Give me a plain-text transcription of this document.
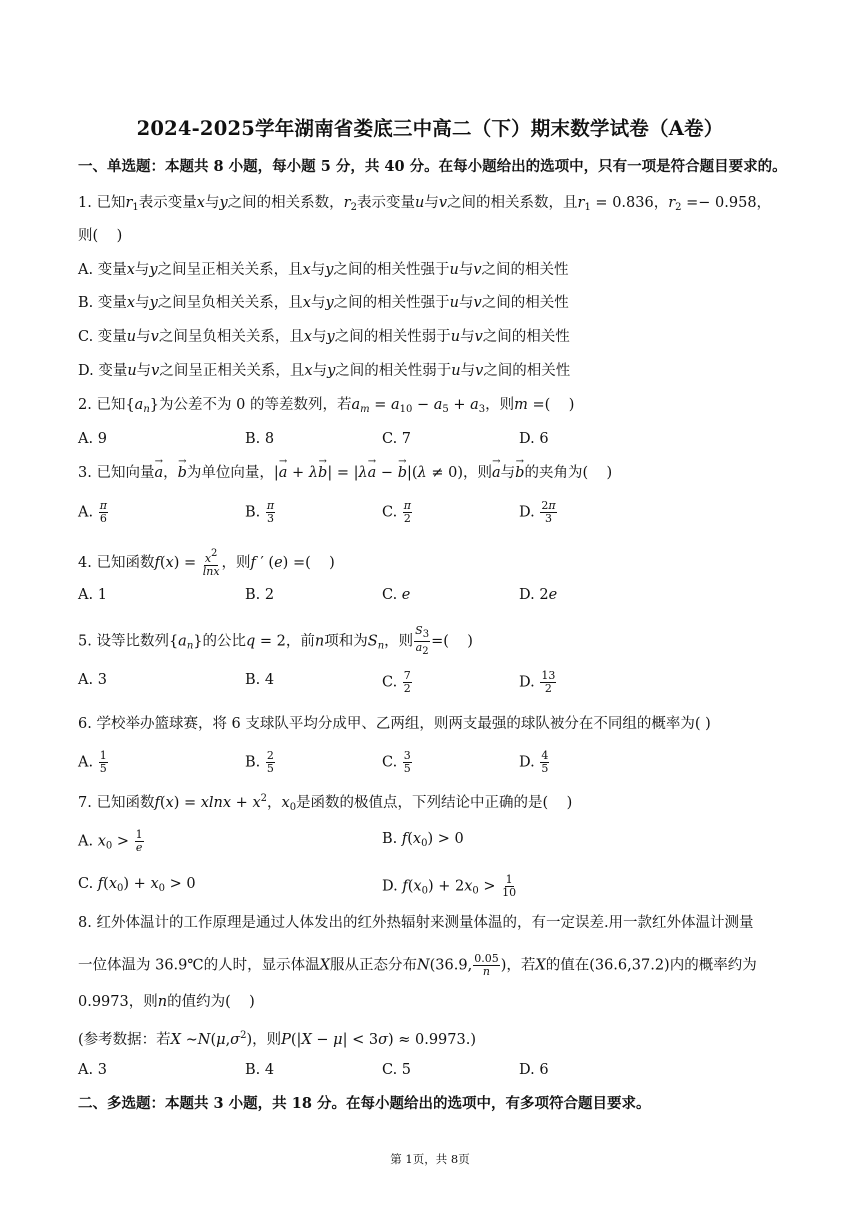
2024-2025学年湖南省娄底三中高二（下）期末数学试卷（A卷）
一、单选题：本题共 8 小题，每小题 5 分，共 40 分。在每小题给出的选项中，只有一项是符合题目要求的。
1. 已知$r_1$表示变量x与y之间的相关系数，$r_2$表示变量u与v之间的相关系数，且$r_1 = 0.836$，$r_2 =- 0.958$，
则(    )
A. 变量x与y之间呈正相关关系，且x与y之间的相关性强于u与v之间的相关性
B. 变量x与y之间呈负相关关系，且x与y之间的相关性强于u与v之间的相关性
C. 变量u与v之间呈负相关关系，且x与y之间的相关性弱于u与v之间的相关性
D. 变量u与v之间呈正相关关系，且x与y之间的相关性弱于u与v之间的相关性
2. 已知$\{a_n\}$为公差不为 0 的等差数列，若$a_m = a_{10} - a_5 + a_3$，则m =(    )
A. 9	B. 8	C. 7	D. 6
3. 已知向量→ a，→ b为单位向量，|→ a + λ→ b| = |λ→ a − → b|(λ ≠ 0)，则→ a与→ b的夹角为(    )
A. $\frac{\pi}{6}$	B. $\frac{\pi}{3}$	C. $\frac{\pi}{2}$	D. $\frac{2\pi}{3}$
4. 已知函数$f(x) = \frac{x^2}{\ln x}$ ，则f ′ (e) =(    )
A. 1	B. 2	C. e	D. 2e
5. 设等比数列$\{a_n\}$的公比q = 2，前n项和为$S_n$，则 $\frac{S_3}{a_2}$ =(    )
A. 3	B. 4	C. $\frac{7}{2}$	D. $\frac{13}{2}$
6. 学校举办篮球赛，将 6 支球队平均分成甲、乙两组，则两支最强的球队被分在不同组的概率为( )
A. $\frac{1}{5}$	B. $\frac{2}{5}$	C. $\frac{3}{5}$	D. $\frac{4}{5}$
7. 已知函数$f(x) = xlnx + x^2$，$x_0$是函数的极值点，下列结论中正确的是(    )
A. $x_0 > \frac{1}{e}$	B. $f(x_0) > 0$
C. $f(x_0) + x_0 > 0$	D. $f(x_0) + 2x_0 > \frac{1}{10}$
8. 红外体温计的工作原理是通过人体发出的红外热辐射来测量体温的，有一定误差.用一款红外体温计测量
一位体温为 36.9℃的人时，显示体温X服从正态分布N(36.9, $\frac{0.05}{n}$ )，若X的值在(36.6,37.2)内的概率约为
0.9973，则n的值约为(    )
(参考数据：若X $\sim N(\mu,\sigma^2)$，则P(|X − μ| < 3σ) ≈ 0.9973.)
A. 3	B. 4	C. 5	D. 6
二、多选题：本题共 3 小题，共 18 分。在每小题给出的选项中，有多项符合题目要求。
第 1页，共 8页
